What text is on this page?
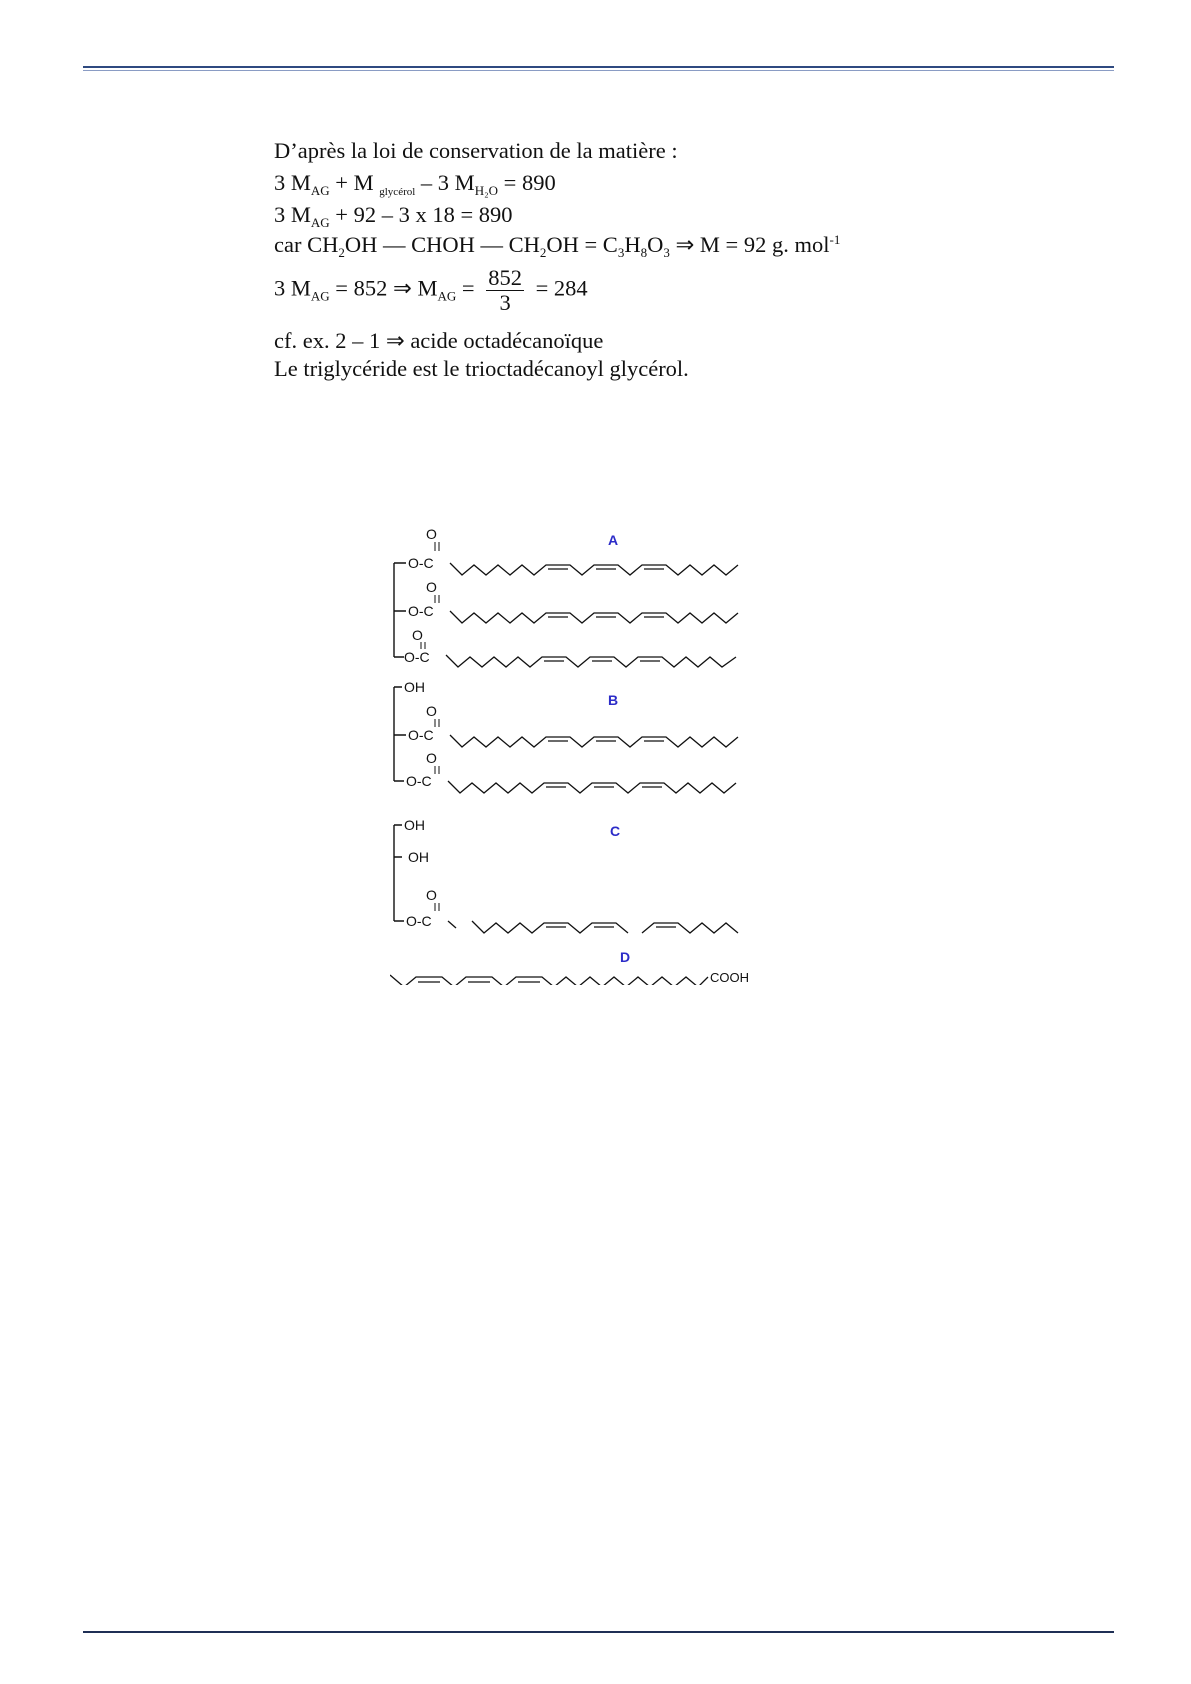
D’après la loi de conservation de la matière :
3 $M_{AG} + M$ $_{glycérol}$ – 3 $M_{H_2O} = 890$
3 $M_{AG} + 92 - 3$ x 18 = 890
car $CH_2OH$ — CHOH — $CH_2OH = C_3H_8O_3$ ⇒ M = 92 g. mol$^{-1}$
3 $M_{AG} = 852$ ⇒ $M_{AG} = \frac{852}{3} = 284$
cf. ex. 2 – 1 ⇒ acide octadécanoïque
Le triglycéride est le trioctadécanoyl glycérol.
A
O
O-C
O
O-C
O
O-C
B
OH
O
O-C
O
O-C
C
OH
OH
O
O-C
D
COOH
